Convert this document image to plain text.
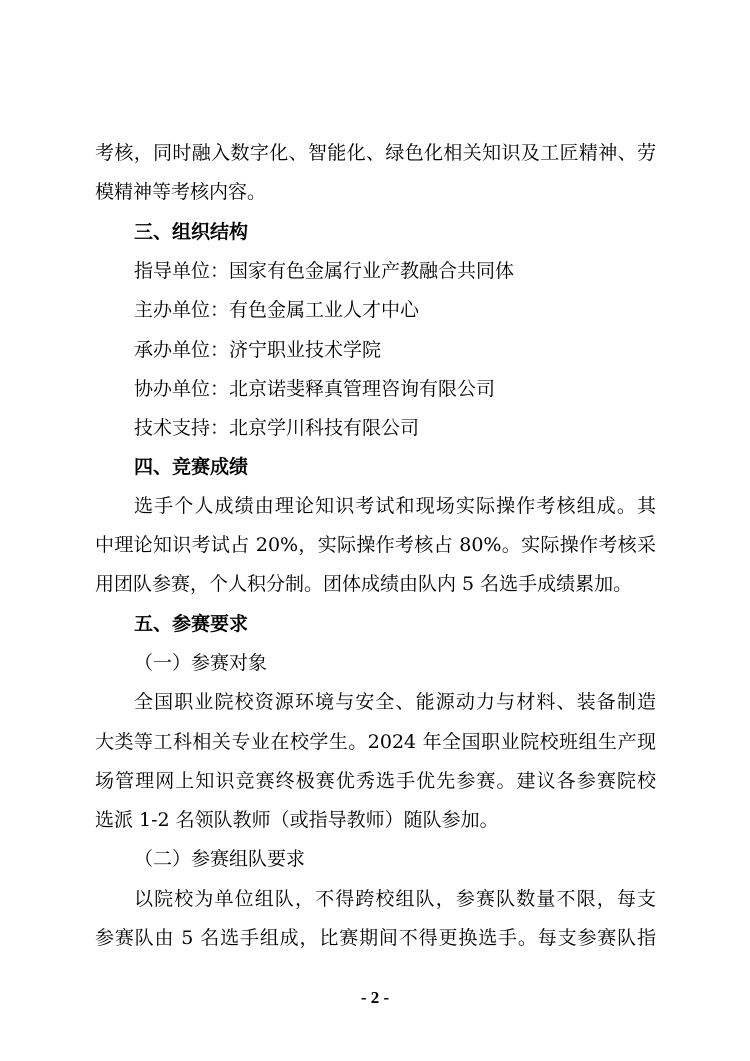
考核，同时融入数字化、智能化、绿色化相关知识及工匠精神、劳
模精神等考核内容。
三、组织结构
指导单位：国家有色金属行业产教融合共同体
主办单位：有色金属工业人才中心
承办单位：济宁职业技术学院
协办单位：北京诺斐释真管理咨询有限公司
技术支持：北京学川科技有限公司
四、竞赛成绩
选手个人成绩由理论知识考试和现场实际操作考核组成。其
中理论知识考试占 20%，实际操作考核占 80%。实际操作考核采
用团队参赛，个人积分制。团体成绩由队内 5 名选手成绩累加。
五、参赛要求
（一）参赛对象
全国职业院校资源环境与安全、能源动力与材料、装备制造
大类等工科相关专业在校学生。2024 年全国职业院校班组生产现
场管理网上知识竞赛终极赛优秀选手优先参赛。建议各参赛院校
选派 1-2 名领队教师（或指导教师）随队参加。
（二）参赛组队要求
以院校为单位组队，不得跨校组队，参赛队数量不限，每支
参赛队由 5 名选手组成，比赛期间不得更换选手。每支参赛队指
- 2 -
